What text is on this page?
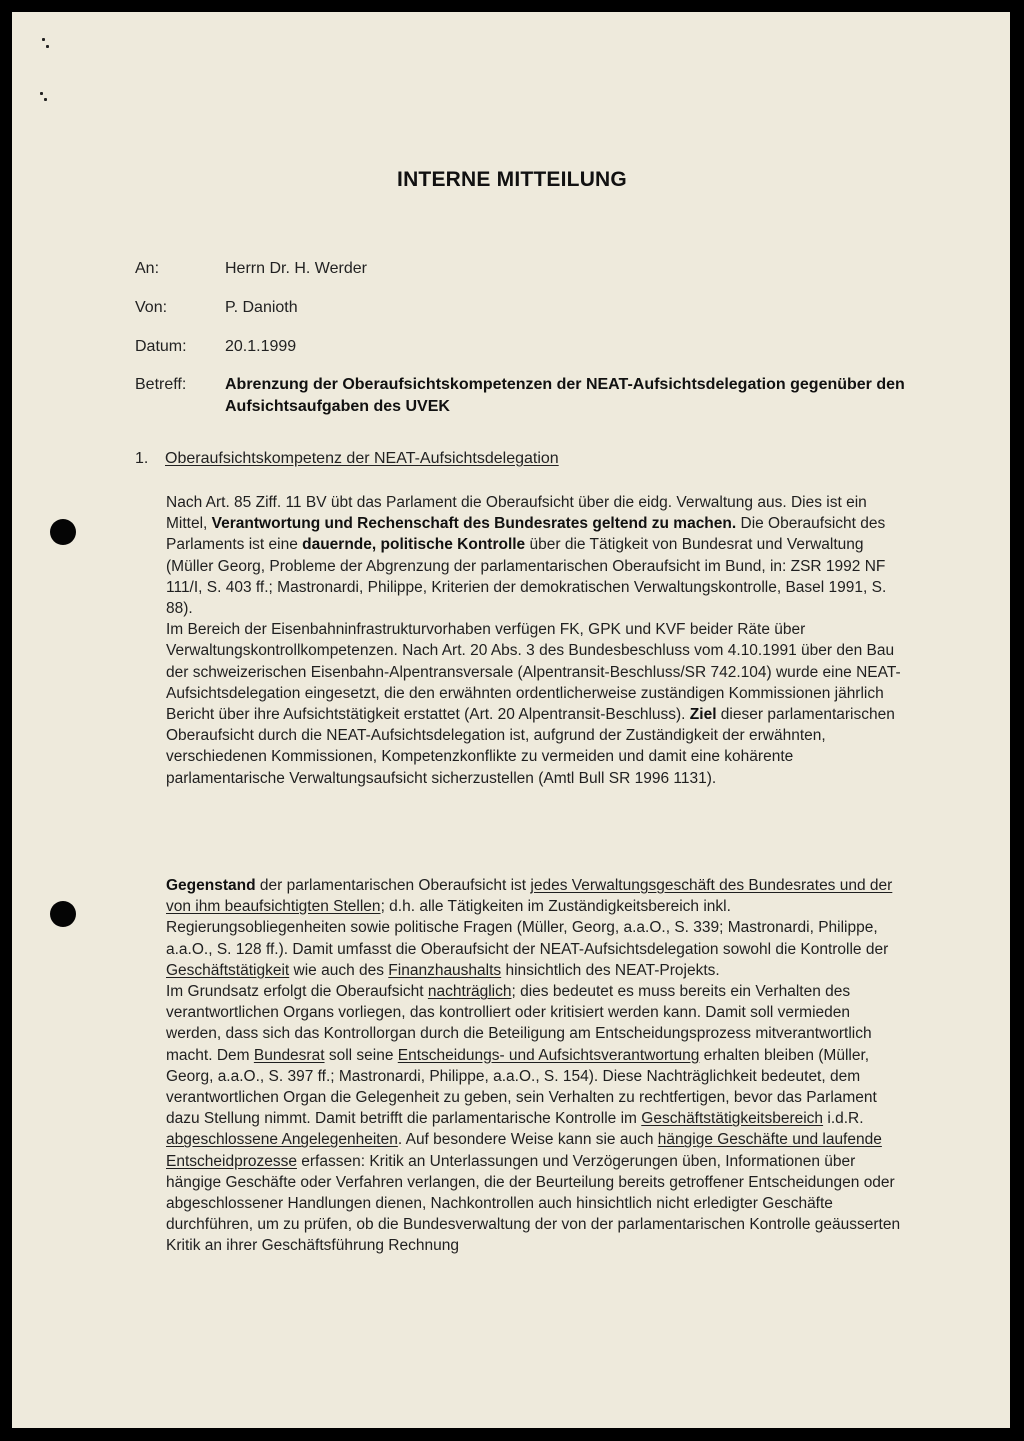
INTERNE MITTEILUNG
An:	Herrn Dr. H. Werder
Von:	P. Danioth
Datum: 20.1.1999
Betreff: Abrenzung der Oberaufsichtskompetenzen der NEAT-Aufsichtsdelegation gegenüber den Aufsichtsaufgaben des UVEK
1. Oberaufsichtskompetenz der NEAT-Aufsichtsdelegation

Nach Art. 85 Ziff. 11 BV übt das Parlament die Oberaufsicht über die eidg. Verwaltung aus. Dies ist ein Mittel, Verantwortung und Rechenschaft des Bundesrates geltend zu machen. Die Oberaufsicht des Parlaments ist eine dauernde, politische Kontrolle über die Tätigkeit von Bundesrat und Verwaltung (Müller Georg, Probleme der Abgrenzung der parlamentarischen Oberaufsicht im Bund, in: ZSR 1992 NF 111/I, S. 403 ff.; Mastronardi, Philippe, Kriterien der demokratischen Verwaltungskontrolle, Basel 1991, S. 88).

Im Bereich der Eisenbahninfrastrukturvorhaben verfügen FK, GPK und KVF beider Räte über Verwaltungskontrollkompetenzen. Nach Art. 20 Abs. 3 des Bundesbeschluss vom 4.10.1991 über den Bau der schweizerischen Eisenbahn-Alpentransversale (Alpentransit-Beschluss/SR 742.104) wurde eine NEAT-Aufsichtsdelegation eingesetzt, die den erwähnten ordentlicherweise zuständigen Kommissionen jährlich Bericht über ihre Aufsichtstätigkeit erstattet (Art. 20 Alpentransit-Beschluss). Ziel dieser parlamentarischen Oberaufsicht durch die NEAT-Aufsichtsdelegation ist, aufgrund der Zuständigkeit der erwähnten, verschiedenen Kommissionen, Kompetenzkonflikte zu vermeiden und damit eine kohärente parlamentarische Verwaltungsaufsicht sicherzustellen (Amtl Bull SR 1996 1131).

Gegenstand der parlamentarischen Oberaufsicht ist jedes Verwaltungsgeschäft des Bundesrates und der von ihm beaufsichtigten Stellen; d.h. alle Tätigkeiten im Zuständigkeitsbereich inkl. Regierungsobliegenheiten sowie politische Fragen (Müller, Georg, a.a.O., S. 339; Mastronardi, Philippe, a.a.O., S. 128 ff.). Damit umfasst die Oberaufsicht der NEAT-Aufsichtsdelegation sowohl die Kontrolle der Geschäftstätigkeit wie auch des Finanzhaushalts hinsichtlich des NEAT-Projekts.

Im Grundsatz erfolgt die Oberaufsicht nachträglich; dies bedeutet es muss bereits ein Verhalten des verantwortlichen Organs vorliegen, das kontrolliert oder kritisiert werden kann. Damit soll vermieden werden, dass sich das Kontrollorgan durch die Beteiligung am Entscheidungsprozess mitverantwortlich macht. Dem Bundesrat soll seine Entscheidungs- und Aufsichtsverantwortung erhalten bleiben (Müller, Georg, a.a.O., S. 397 ff.; Mastronardi, Philippe, a.a.O., S. 154). Diese Nachträglichkeit bedeutet, dem verantwortlichen Organ die Gelegenheit zu geben, sein Verhalten zu rechtfertigen, bevor das Parlament dazu Stellung nimmt. Damit betrifft die parlamentarische Kontrolle im Geschäftstätigkeitsbereich i.d.R. abgeschlossene Angelegenheiten. Auf besondere Weise kann sie auch hängige Geschäfte und laufende Entscheidprozesse erfassen: Kritik an Unterlassungen und Verzögerungen üben, Informationen über hängige Geschäfte oder Verfahren verlangen, die der Beurteilung bereits getroffener Entscheidungen oder abgeschlossener Handlungen dienen, Nachkontrollen auch hinsichtlich nicht erledigter Geschäfte durchführen, um zu prüfen, ob die Bundesverwaltung der von der parlamentarischen Kontrolle geäusserten Kritik an ihrer Geschäftsführung Rechnung
